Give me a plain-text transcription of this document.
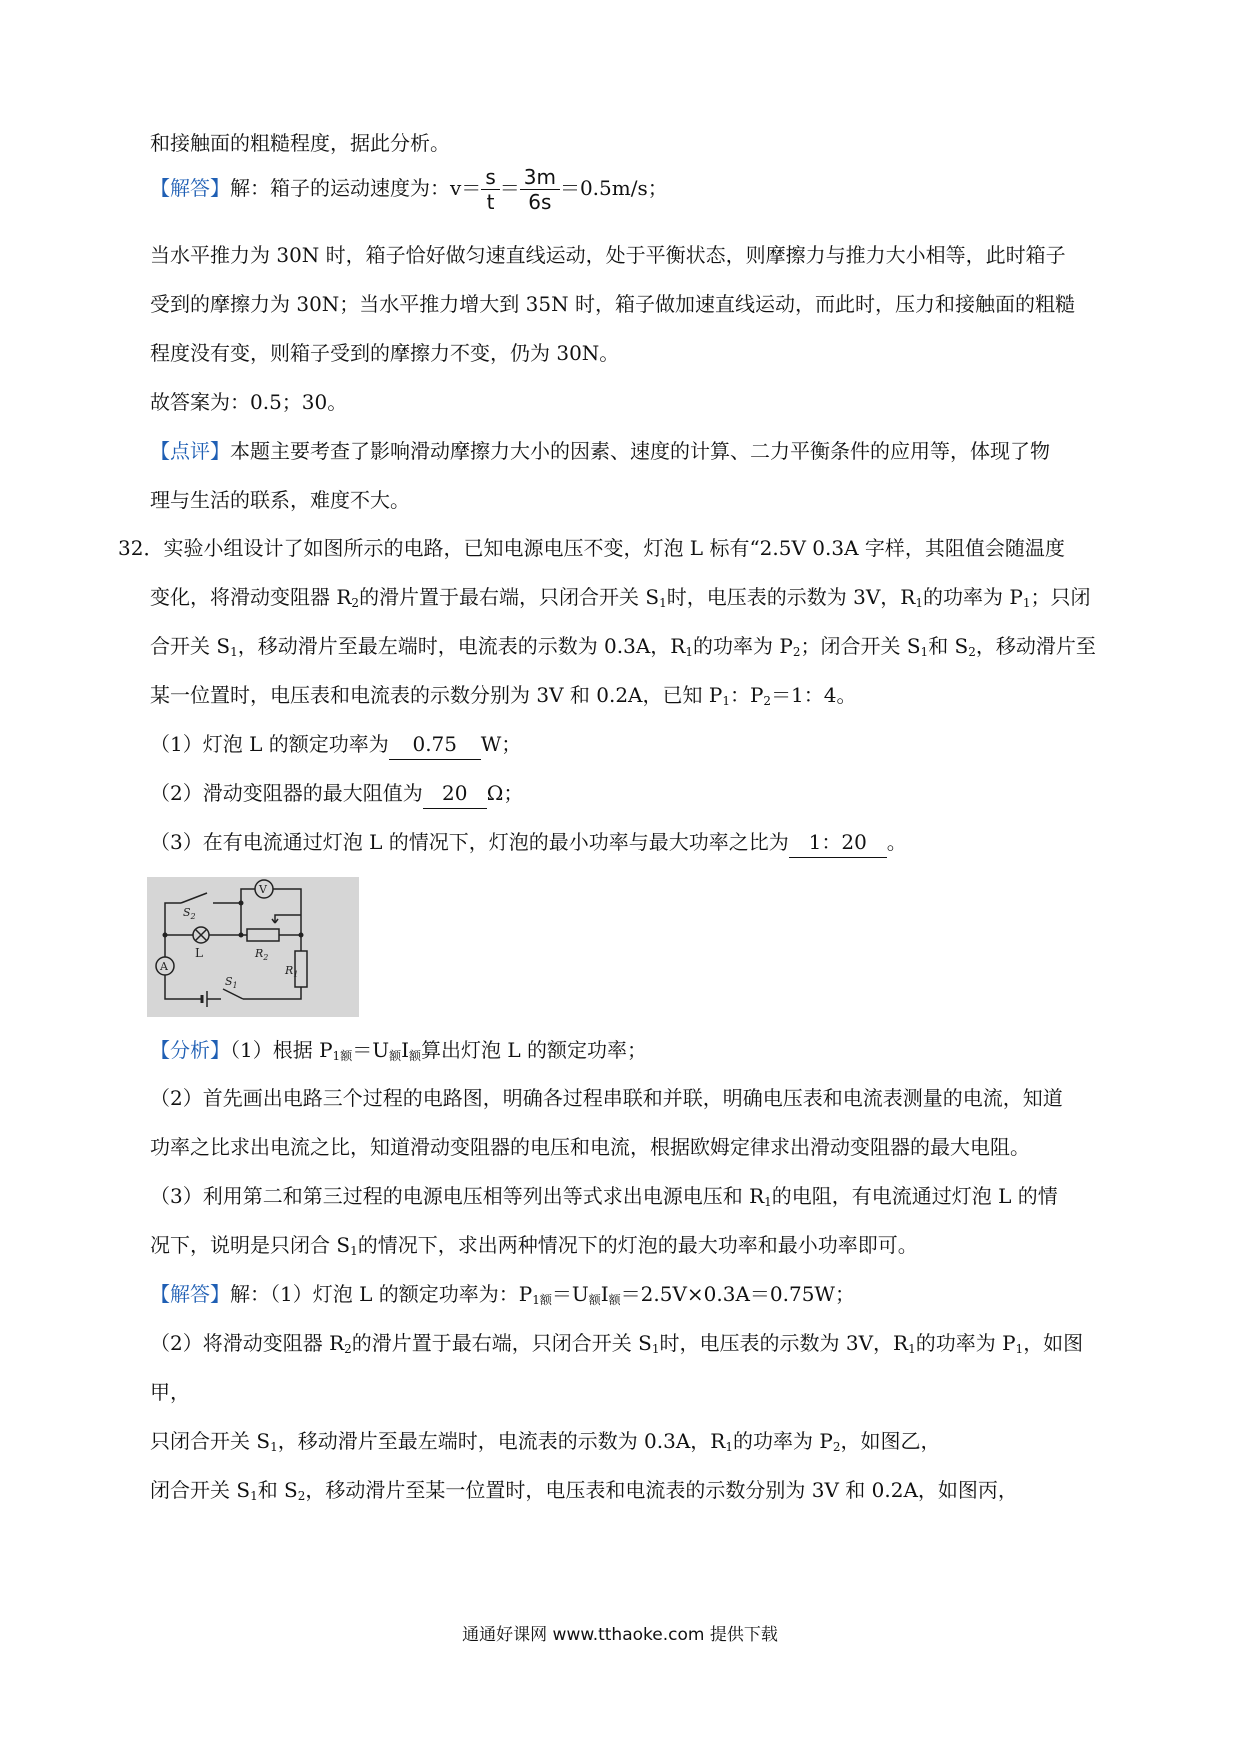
和接触面的粗糙程度，据此分析。
【解答】解：箱子的运动速度为：$v= \frac{s}{t} = \frac{3m}{6s} =0.5m/s$；
当水平推力为 30N 时，箱子恰好做匀速直线运动，处于平衡状态，则摩擦力与推力大小相等，此时箱子
受到的摩擦力为 30N；当水平推力增大到 35N 时，箱子做加速直线运动，而此时，压力和接触面的粗糙
程度没有变，则箱子受到的摩擦力不变，仍为 30N。
故答案为：0.5；30。
【点评】本题主要考查了影响滑动摩擦力大小的因素、速度的计算、二力平衡条件的应用等，体现了物
理与生活的联系，难度不大。
32．实验小组设计了如图所示的电路，已知电源电压不变，灯泡 L 标有“2.5V 0.3A 字样，其阻值会随温度
变化，将滑动变阻器 $R_2$的滑片置于最右端，只闭合开关 $S_1$时，电压表的示数为 3V，$R_1$的功率为 $P_1$；只闭
合开关 $S_1$，移动滑片至最左端时，电流表的示数为 0.3A，$R_1$的功率为 $P_2$；闭合开关 $S_1$和 $S_2$，移动滑片至
某一位置时，电压表和电流表的示数分别为 3V 和 0.2A，已知 $P_1$：$P_2=1$：4。
（1）灯泡 L 的额定功率为 0.75 W；
（2）滑动变阻器的最大阻值为 20 Ω；
（3）在有电流通过灯泡 L 的情况下，灯泡的最小功率与最大功率之比为 1：20 。
$S_2$
V
L
A
$R_2$
$R_1$
$S_1$
【分析】（1）根据 $P_{1额}=U_额I_额$算出灯泡 L 的额定功率；
（2）首先画出电路三个过程的电路图，明确各过程串联和并联，明确电压表和电流表测量的电流，知道
功率之比求出电流之比，知道滑动变阻器的电压和电流，根据欧姆定律求出滑动变阻器的最大电阻。
（3）利用第二和第三过程的电源电压相等列出等式求出电源电压和 $R_1$的电阻，有电流通过灯泡 L 的情
况下，说明是只闭合 $S_1$的情况下，求出两种情况下的灯泡的最大功率和最小功率即可。
【解答】解：（1）灯泡 L 的额定功率为：$P_{1额}=U_额I_额=2.5V\times 0.3A=0.75W$；
（2）将滑动变阻器 $R_2$的滑片置于最右端，只闭合开关 $S_1$时，电压表的示数为 3V，$R_1$的功率为 $P_1$，如图
甲，
只闭合开关 $S_1$，移动滑片至最左端时，电流表的示数为 0.3A，$R_1$的功率为 $P_2$，如图乙，
闭合开关 $S_1$和 $S_2$，移动滑片至某一位置时，电压表和电流表的示数分别为 3V 和 0.2A，如图丙，
通通好课网 www.tthaoke.com 提供下载
